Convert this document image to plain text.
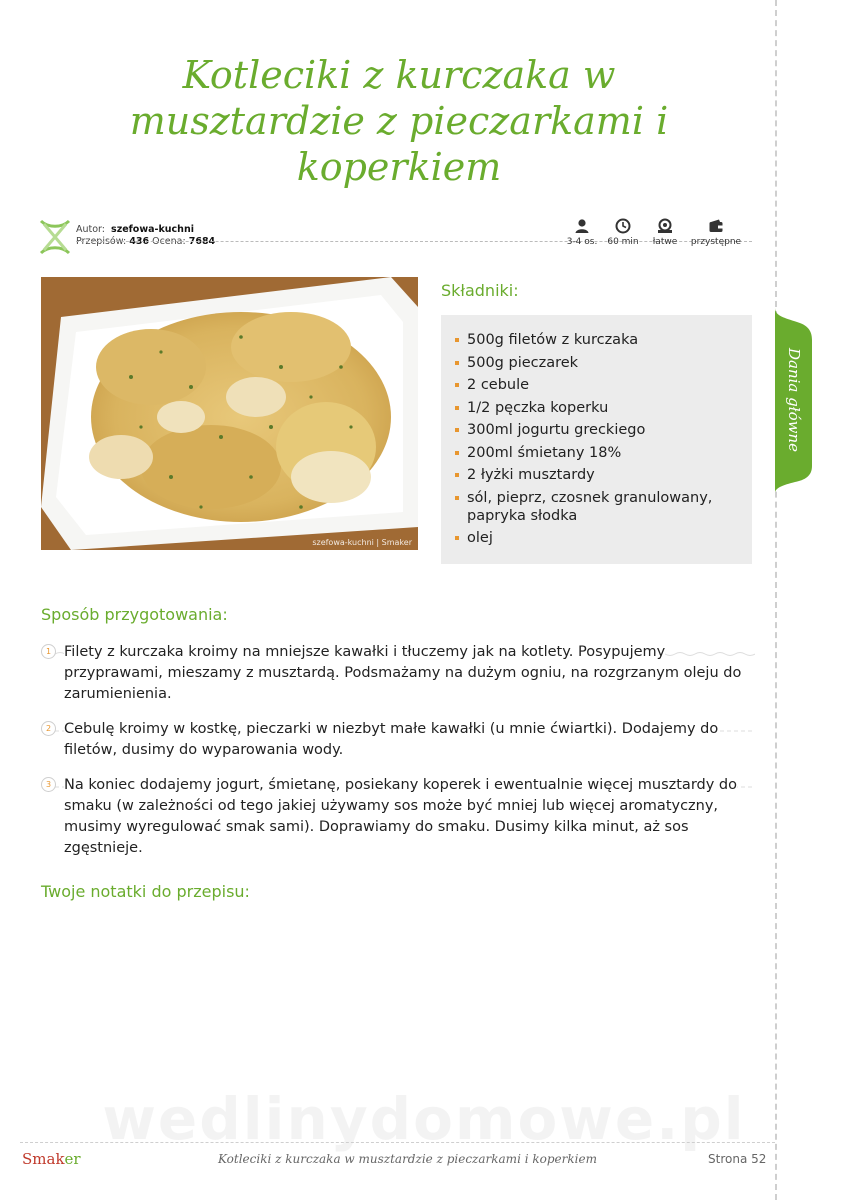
Kotleciki z kurczaka w musztardzie z pieczarkami i koperkiem
Autor: szefowa-kuchni
Przepisów: 436 Ocena: 7684	3-4 os.	60 min	łatwe	przystępne
szefowa-kuchni | Smaker
Składniki:
500g filetów z kurczaka
500g pieczarek
2 cebule
1/2 pęczka koperku
300ml jogurtu greckiego
200ml śmietany 18%
2 łyżki musztardy
sól, pieprz, czosnek granulowany, papryka słodka
olej
Sposób przygotowania:
1 Filety z kurczaka kroimy na mniejsze kawałki i tłuczemy jak na kotlety. Posypujemy przyprawami, mieszamy z musztardą. Podsmażamy na dużym ogniu, na rozgrzanym oleju do zarumienienia.
2 Cebulę kroimy w kostkę, pieczarki w niezbyt małe kawałki (u mnie ćwiartki). Dodajemy do filetów, dusimy do wyparowania wody.
3 Na koniec dodajemy jogurt, śmietanę, posiekany koperek i ewentualnie więcej musztardy do smaku (w zależności od tego jakiej używamy sos może być mniej lub więcej aromatyczny, musimy wyregulować smak sami). Doprawiamy do smaku. Dusimy kilka minut, aż sos zgęstnieje.
Twoje notatki do przepisu:
Dania główne
wedlinydomowe.pl
Smaker	Kotleciki z kurczaka w musztardzie z pieczarkami i koperkiem	Strona 52
